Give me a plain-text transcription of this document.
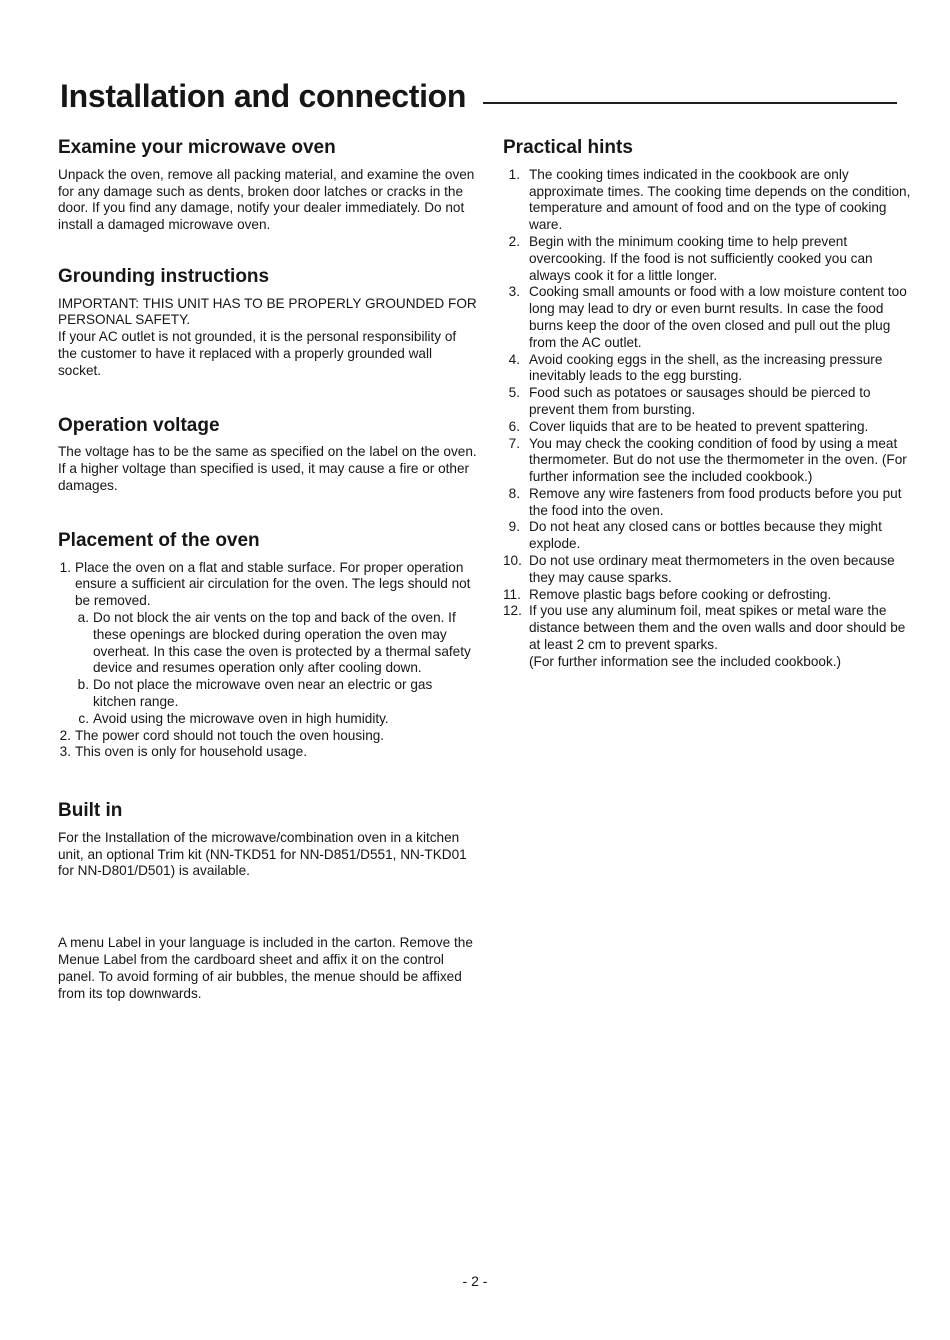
Installation and connection
Examine your microwave oven

Unpack the oven, remove all packing material, and examine the oven for any damage such as dents, broken door latches or cracks in the door. If you find any damage, notify your dealer immediately. Do not install a damaged microwave oven.

Grounding instructions

IMPORTANT: THIS UNIT HAS TO BE PROPERLY GROUNDED FOR PERSONAL SAFETY.

If your AC outlet is not grounded, it is the personal responsibility of the customer to have it replaced with a properly grounded wall socket.

Operation voltage

The voltage has to be the same as specified on the label on the oven. If a higher voltage than specified is used, it may cause a fire or other damages.

Placement of the oven
1. Place the oven on a flat and stable surface. For proper operation ensure a sufficient air circulation for the oven. The legs should not be removed.
a. Do not block the air vents on the top and back of the oven. If these openings are blocked during operation the oven may overheat. In this case the oven is protected by a thermal safety device and resumes operation only after cooling down.
b. Do not place the microwave oven near an electric or gas kitchen range.
c. Avoid using the microwave oven in high humidity.
2. The power cord should not touch the oven housing.
3. This oven is only for household usage.
Built in

For the Installation of the microwave/combination oven in a kitchen unit, an optional Trim kit (NN-TKD51 for NN-D851/D551, NN-TKD01 for NN-D801/D501) is available.

A menu Label in your language is included in the carton. Remove the Menue Label from the cardboard sheet and affix it on the control panel. To avoid forming of air bubbles, the menue should be affixed from its top downwards.

Practical hints
1. The cooking times indicated in the cookbook are only approximate times. The cooking time depends on the condition, temperature and amount of food and on the type of cooking ware.
2. Begin with the minimum cooking time to help prevent overcooking. If the food is not sufficiently cooked you can always cook it for a little longer.
3. Cooking small amounts or food with a low moisture content too long may lead to dry or even burnt results. In case the food burns keep the door of the oven closed and pull out the plug from the AC outlet.
4. Avoid cooking eggs in the shell, as the increasing pressure inevitably leads to the egg bursting.
5. Food such as potatoes or sausages should be pierced to prevent them from bursting.
6. Cover liquids that are to be heated to prevent spattering.
7. You may check the cooking condition of food by using a meat thermometer. But do not use the thermometer in the oven. (For further information see the included cookbook.)
8. Remove any wire fasteners from food products before you put the food into the oven.
9. Do not heat any closed cans or bottles because they might explode.
10. Do not use ordinary meat thermometers in the oven because they may cause sparks.
11. Remove plastic bags before cooking or defrosting.
12. If you use any aluminum foil, meat spikes or metal ware the distance between them and the oven walls and door should be at least 2 cm to prevent sparks.

(For further information see the included cookbook.)

- 2 -
